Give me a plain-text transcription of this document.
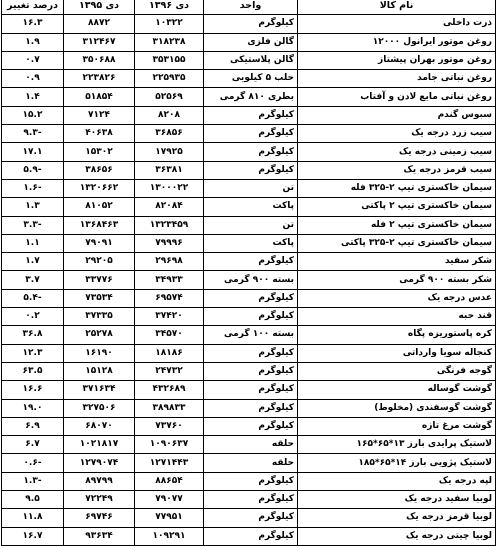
نام کالا	واحد	دی ۱۳۹۶	دی ۱۳۹۵	درصد تغییر
ذرت داخلی	کیلوگرم	۱۰۳۲۲	۸۸۷۲	۱۶.۳
روغن موتور ایرانول ۱۲۰۰۰	گالن فلزی	۳۱۸۲۳۸	۳۱۲۴۶۷	۱.۹
روغن موتور بهران پیشتاز	گالن پلاستیکی	۳۵۳۱۵۵	۳۵۰۶۸۸	۰.۷
روغن نباتی جامد	حلب ۵ کیلویی	۲۲۵۹۳۵	۲۲۳۸۲۶	۰.۹
روغن نباتی مایع لادن و آفتاب	بطری ۸۱۰ گرمی	۵۲۵۶۹	۵۱۸۵۴	۱.۴
سبوس گندم	کیلوگرم	۸۲۰۸	۷۱۲۴	۱۵.۲
سیب زرد درجه یک	کیلوگرم	۳۶۸۵۶	۴۰۶۳۸	-۹.۳
سیب زمینی درجه یک	کیلوگرم	۱۷۹۲۵	۱۵۳۰۲	۱۷.۱
سیب قرمز درجه یک	کیلوگرم	۳۶۳۸۱	۳۸۶۵۶	-۵.۹
سیمان خاکستری تیپ ۲-۳۲۵ فله	تن	۱۳۰۰۰۲۲	۱۳۲۰۶۶۲	-۱.۶
سیمان خاکستری تیپ ۲ پاکتی	پاکت	۸۲۰۸۴	۸۱۰۵۲	۱.۳
سیمان خاکستری تیپ ۲ فله	تن	۱۳۲۳۴۵۹	۱۳۶۸۴۶۳	-۳.۳
سیمان خاکستری تیپ ۲-۳۲۵ پاکتی	پاکت	۷۹۹۹۶	۷۹۰۹۱	۱.۱
شکر سفید	کیلوگرم	۲۹۶۹۸	۲۹۲۰۵	۱.۷
شکر بسته ۹۰۰ گرمی	بسته ۹۰۰ گرمی	۳۴۹۳۳	۳۳۷۷۶	۳.۷
عدس درجه یک	کیلوگرم	۶۹۵۷۴	۷۳۵۳۴	-۵.۴
قند حبه	کیلوگرم	۳۷۴۲۰	۳۷۳۳۵	۰.۲
کره پاستوریزه پگاه	بسته ۱۰۰ گرمی	۳۴۵۷۰	۲۵۲۷۸	۳۶.۸
کنجاله سویا وارداتی	کیلوگرم	۱۸۱۸۶	۱۶۱۹۰	۱۲.۳
گوجه فرنگی	کیلوگرم	۲۴۷۳۲	۱۵۱۲۸	۶۳.۵
گوشت گوساله	کیلوگرم	۴۳۲۶۸۹	۳۷۱۶۳۴	۱۶.۶
گوشت گوسفندی (مخلوط)	کیلوگرم	۳۸۹۸۳۳	۳۲۷۵۰۶	۱۹.۰
گوشت مرغ تازه	کیلوگرم	۷۳۷۶۰	۶۸۰۷۰	۶.۹
لاستیک پرایدی بارز ۱۳*۶۵*۱۶۵	حلقه	۱۰۹۰۶۳۷	۱۰۲۱۸۱۷	۶.۷
لاستیک پژویی بارز ۱۴*۶۵*۱۸۵	حلقه	۱۲۷۱۴۴۳	۱۲۷۹۰۷۴	-۰.۶
لپه درجه یک	کیلوگرم	۸۸۶۵۴	۸۹۷۹۹	-۱.۳
لوبیا سفید درجه یک	کیلوگرم	۷۹۰۷۷	۷۲۲۴۹	۹.۵
لوبیا قرمز درجه یک	کیلوگرم	۷۷۹۵۱	۶۹۷۴۶	۱۱.۸
لوبیا چیتی درجه یک	کیلوگرم	۱۰۹۲۹۱	۹۳۶۳۴	۱۶.۷
